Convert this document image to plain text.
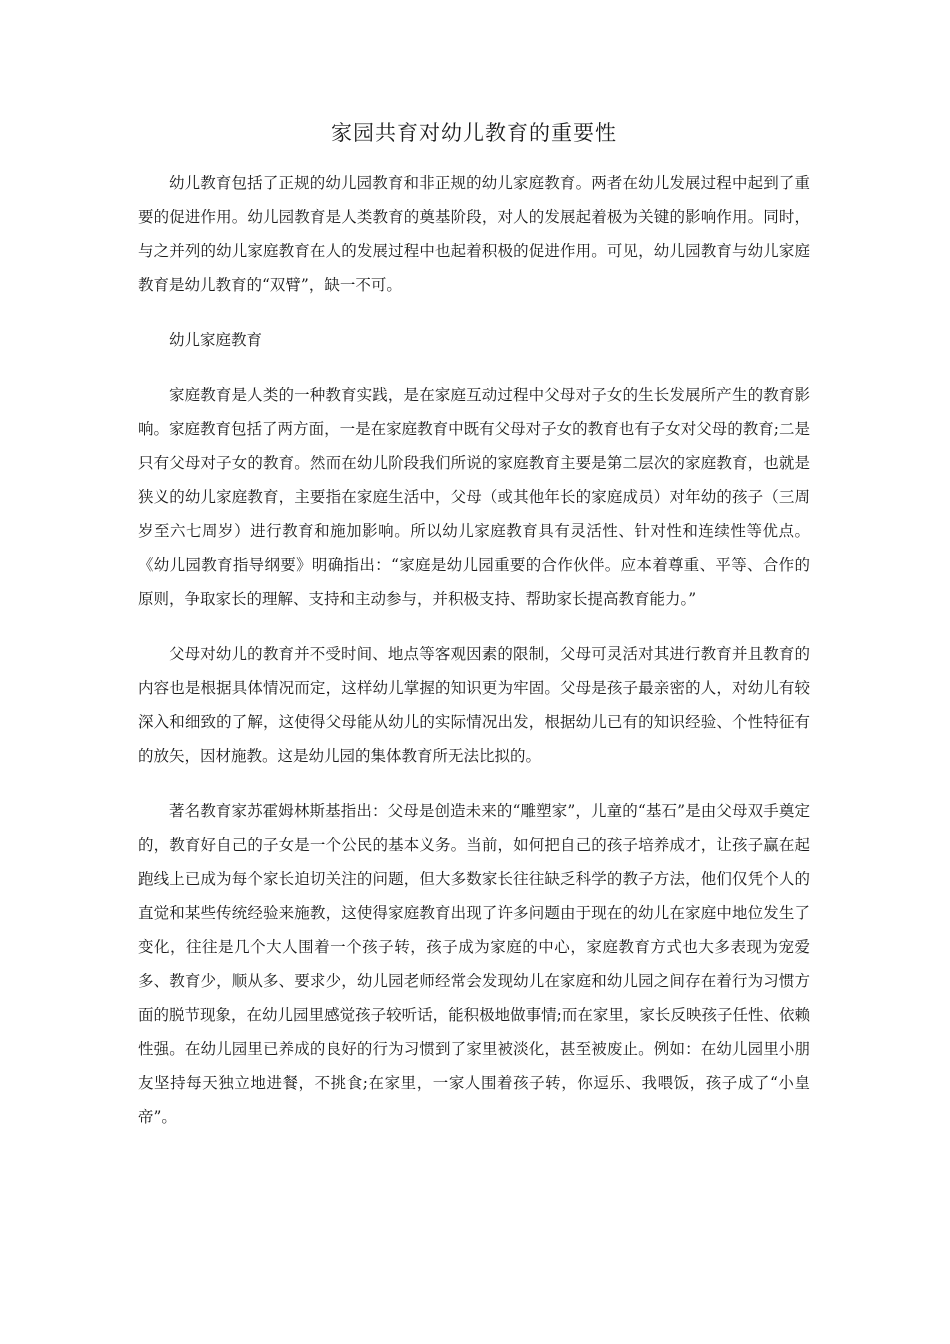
家园共育对幼儿教育的重要性

幼儿教育包括了正规的幼儿园教育和非正规的幼儿家庭教育。两者在幼儿发展过程中起到了重要的促进作用。幼儿园教育是人类教育的奠基阶段，对人的发展起着极为关键的影响作用。同时，与之并列的幼儿家庭教育在人的发展过程中也起着积极的促进作用。可见，幼儿园教育与幼儿家庭教育是幼儿教育的“双臂”，缺一不可。

幼儿家庭教育

家庭教育是人类的一种教育实践，是在家庭互动过程中父母对子女的生长发展所产生的教育影响。家庭教育包括了两方面，一是在家庭教育中既有父母对子女的教育也有子女对父母的教育;二是只有父母对子女的教育。然而在幼儿阶段我们所说的家庭教育主要是第二层次的家庭教育，也就是狭义的幼儿家庭教育，主要指在家庭生活中，父母（或其他年长的家庭成员）对年幼的孩子（三周岁至六七周岁）进行教育和施加影响。所以幼儿家庭教育具有灵活性、针对性和连续性等优点。《幼儿园教育指导纲要》明确指出：“家庭是幼儿园重要的合作伙伴。应本着尊重、平等、合作的原则，争取家长的理解、支持和主动参与，并积极支持、帮助家长提高教育能力。”

父母对幼儿的教育并不受时间、地点等客观因素的限制，父母可灵活对其进行教育并且教育的内容也是根据具体情况而定，这样幼儿掌握的知识更为牢固。父母是孩子最亲密的人，对幼儿有较深入和细致的了解，这使得父母能从幼儿的实际情况出发，根据幼儿已有的知识经验、个性特征有的放矢，因材施教。这是幼儿园的集体教育所无法比拟的。

著名教育家苏霍姆林斯基指出：父母是创造未来的“雕塑家”，儿童的“基石”是由父母双手奠定的，教育好自己的子女是一个公民的基本义务。当前，如何把自己的孩子培养成才，让孩子赢在起跑线上已成为每个家长迫切关注的问题，但大多数家长往往缺乏科学的教子方法，他们仅凭个人的直觉和某些传统经验来施教，这使得家庭教育出现了许多问题由于现在的幼儿在家庭中地位发生了变化，往往是几个大人围着一个孩子转，孩子成为家庭的中心，家庭教育方式也大多表现为宠爱多、教育少，顺从多、要求少，幼儿园老师经常会发现幼儿在家庭和幼儿园之间存在着行为习惯方面的脱节现象，在幼儿园里感觉孩子较听话，能积极地做事情;而在家里，家长反映孩子任性、依赖性强。在幼儿园里已养成的良好的行为习惯到了家里被淡化，甚至被废止。例如：在幼儿园里小朋友坚持每天独立地进餐，不挑食;在家里，一家人围着孩子转，你逗乐、我喂饭，孩子成了“小皇帝”。
